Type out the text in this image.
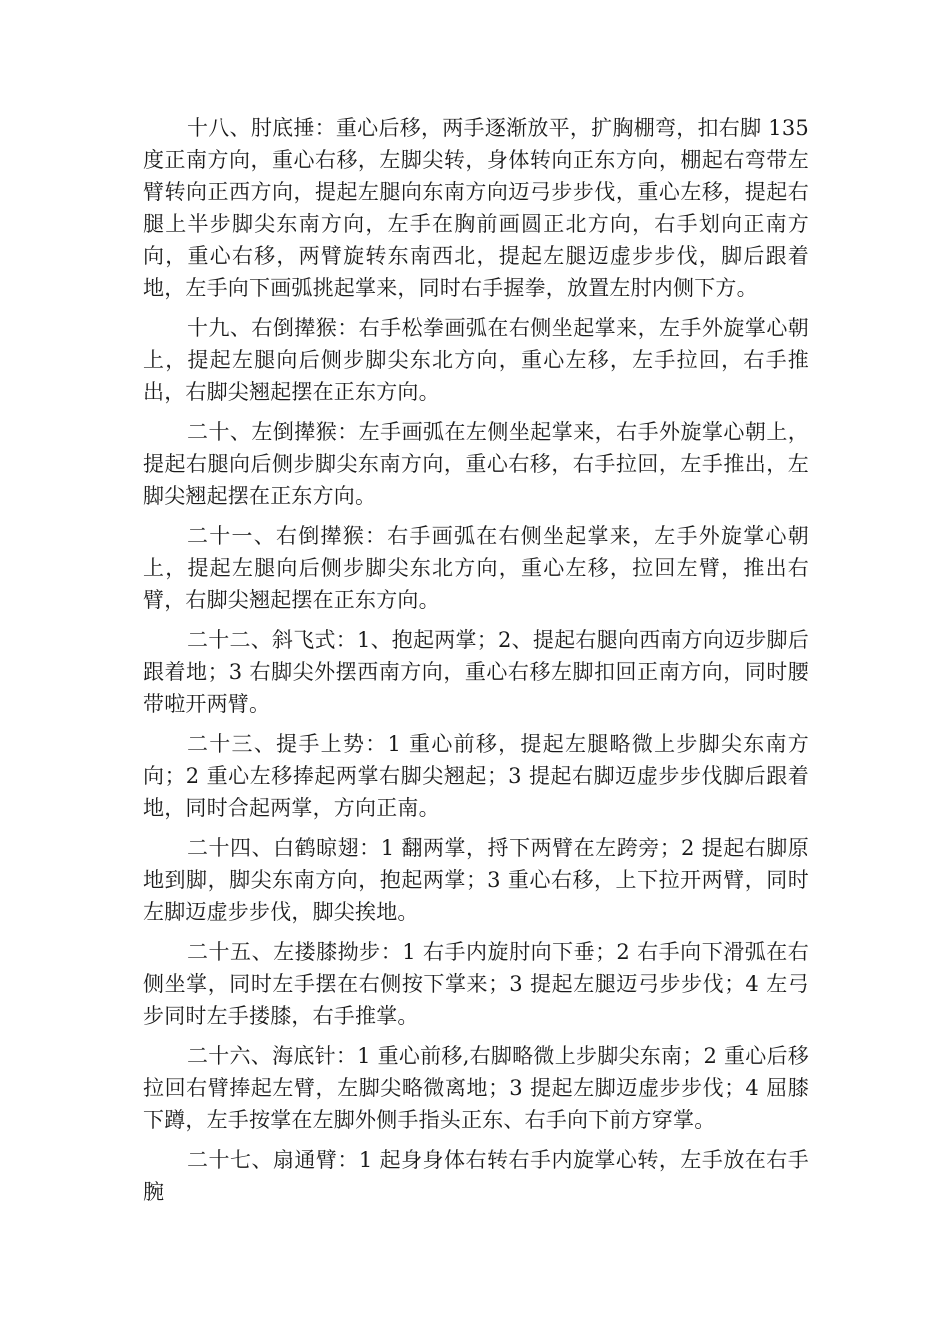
十八、肘底捶：重心后移，两手逐渐放平，扩胸棚弯，扣右脚 135 度正南方向，重心右移，左脚尖转，身体转向正东方向，棚起右弯带左臂转向正西方向，提起左腿向东南方向迈弓步步伐，重心左移，提起右腿上半步脚尖东南方向，左手在胸前画圆正北方向，右手划向正南方向，重心右移，两臂旋转东南西北，提起左腿迈虚步步伐，脚后跟着地，左手向下画弧挑起掌来，同时右手握拳，放置左肘内侧下方。

十九、右倒撵猴：右手松拳画弧在右侧坐起掌来，左手外旋掌心朝上，提起左腿向后侧步脚尖东北方向，重心左移，左手拉回，右手推出，右脚尖翘起摆在正东方向。

二十、左倒撵猴：左手画弧在左侧坐起掌来，右手外旋掌心朝上，提起右腿向后侧步脚尖东南方向，重心右移，右手拉回，左手推出，左脚尖翘起摆在正东方向。

二十一、右倒撵猴：右手画弧在右侧坐起掌来，左手外旋掌心朝上，提起左腿向后侧步脚尖东北方向，重心左移，拉回左臂，推出右臂，右脚尖翘起摆在正东方向。

二十二、斜飞式：1、抱起两掌；2、提起右腿向西南方向迈步脚后跟着地；3 右脚尖外摆西南方向，重心右移左脚扣回正南方向，同时腰带啦开两臂。

二十三、提手上势：1 重心前移，提起左腿略微上步脚尖东南方向；2 重心左移捧起两掌右脚尖翘起；3 提起右脚迈虚步步伐脚后跟着地，同时合起两掌，方向正南。

二十四、白鹤晾翅：1 翻两掌，捋下两臂在左跨旁；2 提起右脚原地到脚，脚尖东南方向，抱起两掌；3 重心右移，上下拉开两臂，同时左脚迈虚步步伐，脚尖挨地。

二十五、左搂膝拗步：1 右手内旋肘向下垂；2 右手向下滑弧在右侧坐掌，同时左手摆在右侧按下掌来；3 提起左腿迈弓步步伐；4 左弓步同时左手搂膝，右手推掌。

二十六、海底针：1 重心前移,右脚略微上步脚尖东南；2 重心后移拉回右臂捧起左臂，左脚尖略微离地；3 提起左脚迈虚步步伐；4 屈膝下蹲，左手按掌在左脚外侧手指头正东、右手向下前方穿掌。

二十七、扇通臂：1 起身身体右转右手内旋掌心转，左手放在右手腕
